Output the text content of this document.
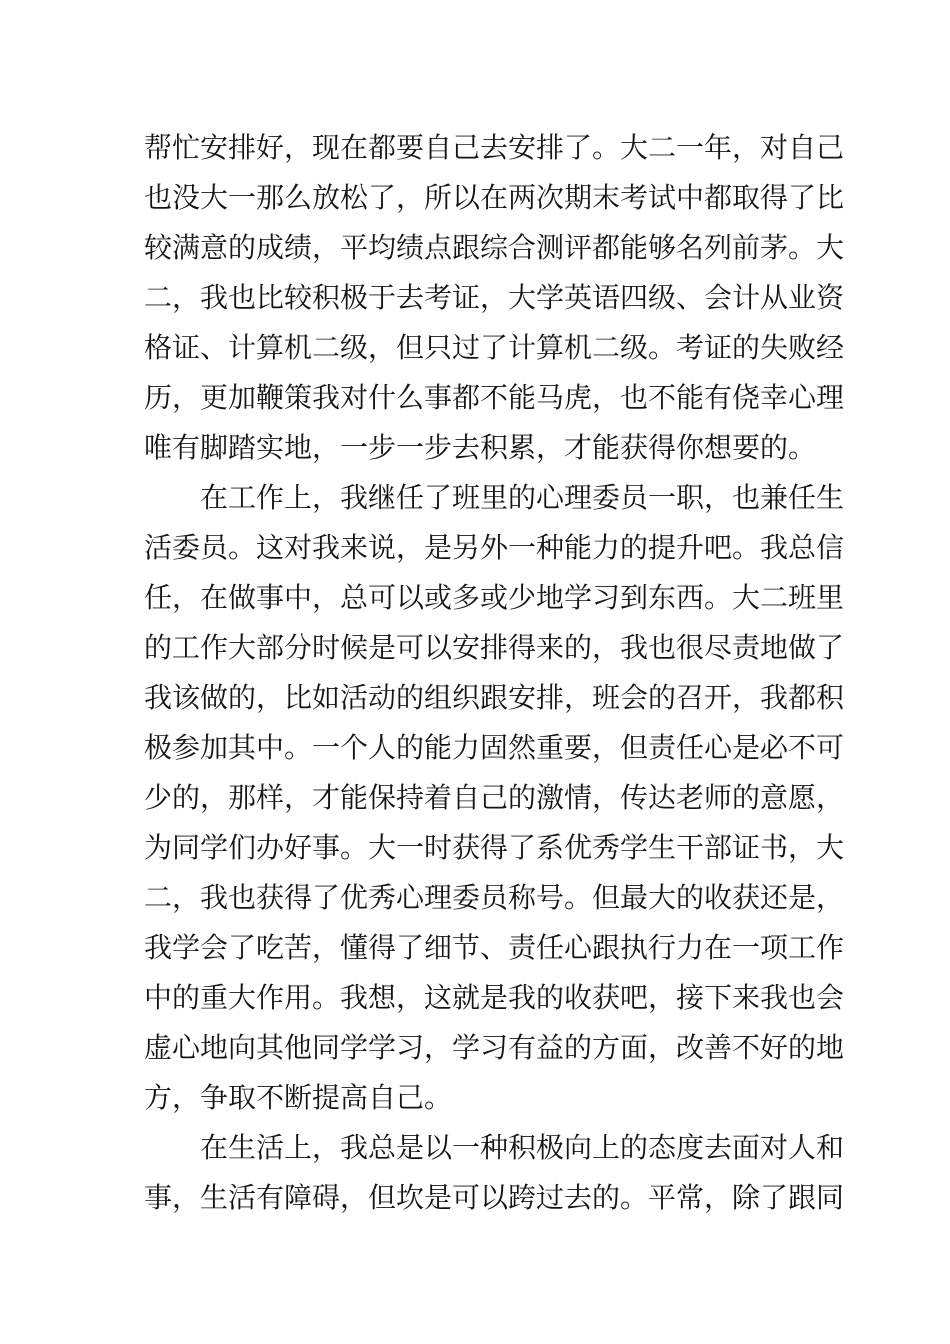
帮忙安排好，现在都要自己去安排了。大二一年，对自己
也没大一那么放松了，所以在两次期末考试中都取得了比
较满意的成绩，平均绩点跟综合测评都能够名列前茅。大
二，我也比较积极于去考证，大学英语四级、会计从业资
格证、计算机二级，但只过了计算机二级。考证的失败经
历，更加鞭策我对什么事都不能马虎，也不能有侥幸心理
唯有脚踏实地，一步一步去积累，才能获得你想要的。
在工作上，我继任了班里的心理委员一职，也兼任生
活委员。这对我来说，是另外一种能力的提升吧。我总信
任，在做事中，总可以或多或少地学习到东西。大二班里
的工作大部分时候是可以安排得来的，我也很尽责地做了
我该做的，比如活动的组织跟安排，班会的召开，我都积
极参加其中。一个人的能力固然重要，但责任心是必不可
少的，那样，才能保持着自己的激情，传达老师的意愿，
为同学们办好事。大一时获得了系优秀学生干部证书，大
二，我也获得了优秀心理委员称号。但最大的收获还是，
我学会了吃苦，懂得了细节、责任心跟执行力在一项工作
中的重大作用。我想，这就是我的收获吧，接下来我也会
虚心地向其他同学学习，学习有益的方面，改善不好的地
方，争取不断提高自己。
在生活上，我总是以一种积极向上的态度去面对人和
事，生活有障碍，但坎是可以跨过去的。平常，除了跟同
